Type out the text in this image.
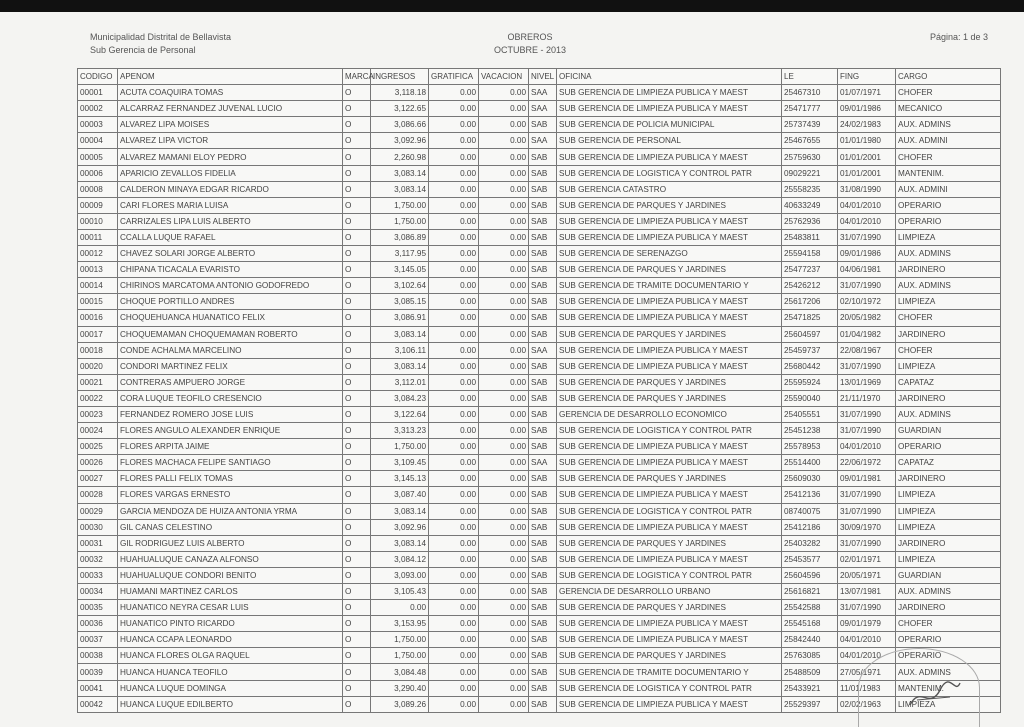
Municipalidad Distrital de Bellavista
Sub Gerencia de Personal
OBREROS
OCTUBRE - 2013
Página: 1 de 3
CODIGO	APENOM	MARCA	INGRESOS	GRATIFICA	VACACION	NIVEL	OFICINA	LE	FING	CARGO
00001	ACUTA COAQUIRA TOMAS	O	3,118.18	0.00	0.00	SAA	SUB GERENCIA DE LIMPIEZA PUBLICA Y MAEST	25467310	01/07/1971	CHOFER
00002	ALCARRAZ FERNANDEZ JUVENAL LUCIO	O	3,122.65	0.00	0.00	SAA	SUB GERENCIA DE LIMPIEZA PUBLICA Y MAEST	25471777	09/01/1986	MECANICO
00003	ALVAREZ LIPA MOISES	O	3,086.66	0.00	0.00	SAB	SUB GERENCIA DE POLICIA MUNICIPAL	25737439	24/02/1983	AUX. ADMINS
00004	ALVAREZ LIPA VICTOR	O	3,092.96	0.00	0.00	SAA	SUB GERENCIA DE PERSONAL	25467655	01/01/1980	AUX. ADMINI
00005	ALVAREZ MAMANI ELOY PEDRO	O	2,260.98	0.00	0.00	SAB	SUB GERENCIA DE LIMPIEZA PUBLICA Y MAEST	25759630	01/01/2001	CHOFER
00006	APARICIO ZEVALLOS FIDELIA	O	3,083.14	0.00	0.00	SAB	SUB GERENCIA DE LOGISTICA Y CONTROL PATR	09029221	01/01/2001	MANTENIM.
00008	CALDERON MINAYA EDGAR RICARDO	O	3,083.14	0.00	0.00	SAB	SUB GERENCIA CATASTRO	25558235	31/08/1990	AUX. ADMINI
00009	CARI FLORES MARIA LUISA	O	1,750.00	0.00	0.00	SAB	SUB GERENCIA DE PARQUES Y JARDINES	40633249	04/01/2010	OPERARIO
00010	CARRIZALES LIPA LUIS ALBERTO	O	1,750.00	0.00	0.00	SAB	SUB GERENCIA DE LIMPIEZA PUBLICA Y MAEST	25762936	04/01/2010	OPERARIO
00011	CCALLA LUQUE RAFAEL	O	3,086.89	0.00	0.00	SAB	SUB GERENCIA DE LIMPIEZA PUBLICA Y MAEST	25483811	31/07/1990	LIMPIEZA
00012	CHAVEZ SOLARI JORGE ALBERTO	O	3,117.95	0.00	0.00	SAB	SUB GERENCIA DE SERENAZGO	25594158	09/01/1986	AUX. ADMINS
00013	CHIPANA TICACALA EVARISTO	O	3,145.05	0.00	0.00	SAB	SUB GERENCIA DE PARQUES Y JARDINES	25477237	04/06/1981	JARDINERO
00014	CHIRINOS MARCATOMA ANTONIO GODOFREDO	O	3,102.64	0.00	0.00	SAB	SUB GERENCIA DE TRAMITE DOCUMENTARIO Y	25426212	31/07/1990	AUX. ADMINS
00015	CHOQUE PORTILLO ANDRES	O	3,085.15	0.00	0.00	SAB	SUB GERENCIA DE LIMPIEZA PUBLICA Y MAEST	25617206	02/10/1972	LIMPIEZA
00016	CHOQUEHUANCA HUANATICO FELIX	O	3,086.91	0.00	0.00	SAB	SUB GERENCIA DE LIMPIEZA PUBLICA Y MAEST	25471825	20/05/1982	CHOFER
00017	CHOQUEMAMAN CHOQUEMAMAN ROBERTO	O	3,083.14	0.00	0.00	SAB	SUB GERENCIA DE PARQUES Y JARDINES	25604597	01/04/1982	JARDINERO
00018	CONDE ACHALMA MARCELINO	O	3,106.11	0.00	0.00	SAA	SUB GERENCIA DE LIMPIEZA PUBLICA Y MAEST	25459737	22/08/1967	CHOFER
00020	CONDORI MARTINEZ FELIX	O	3,083.14	0.00	0.00	SAB	SUB GERENCIA DE LIMPIEZA PUBLICA Y MAEST	25680442	31/07/1990	LIMPIEZA
00021	CONTRERAS AMPUERO JORGE	O	3,112.01	0.00	0.00	SAB	SUB GERENCIA DE PARQUES Y JARDINES	25595924	13/01/1969	CAPATAZ
00022	CORA LUQUE TEOFILO CRESENCIO	O	3,084.23	0.00	0.00	SAB	SUB GERENCIA DE PARQUES Y JARDINES	25590040	21/11/1970	JARDINERO
00023	FERNANDEZ ROMERO JOSE LUIS	O	3,122.64	0.00	0.00	SAB	GERENCIA DE DESARROLLO ECONOMICO	25405551	31/07/1990	AUX. ADMINS
00024	FLORES ANGULO ALEXANDER ENRIQUE	O	3,313.23	0.00	0.00	SAB	SUB GERENCIA DE LOGISTICA Y CONTROL PATR	25451238	31/07/1990	GUARDIAN
00025	FLORES ARPITA JAIME	O	1,750.00	0.00	0.00	SAB	SUB GERENCIA DE LIMPIEZA PUBLICA Y MAEST	25578953	04/01/2010	OPERARIO
00026	FLORES MACHACA FELIPE SANTIAGO	O	3,109.45	0.00	0.00	SAA	SUB GERENCIA DE LIMPIEZA PUBLICA Y MAEST	25514400	22/06/1972	CAPATAZ
00027	FLORES PALLI FELIX TOMAS	O	3,145.13	0.00	0.00	SAB	SUB GERENCIA DE PARQUES Y JARDINES	25609030	09/01/1981	JARDINERO
00028	FLORES VARGAS ERNESTO	O	3,087.40	0.00	0.00	SAB	SUB GERENCIA DE LIMPIEZA PUBLICA Y MAEST	25412136	31/07/1990	LIMPIEZA
00029	GARCIA MENDOZA DE HUIZA ANTONIA YRMA	O	3,083.14	0.00	0.00	SAB	SUB GERENCIA DE LOGISTICA Y CONTROL PATR	08740075	31/07/1990	LIMPIEZA
00030	GIL CANAS CELESTINO	O	3,092.96	0.00	0.00	SAB	SUB GERENCIA DE LIMPIEZA PUBLICA Y MAEST	25412186	30/09/1970	LIMPIEZA
00031	GIL RODRIGUEZ LUIS ALBERTO	O	3,083.14	0.00	0.00	SAB	SUB GERENCIA DE PARQUES Y JARDINES	25403282	31/07/1990	JARDINERO
00032	HUAHUALUQUE CANAZA ALFONSO	O	3,084.12	0.00	0.00	SAB	SUB GERENCIA DE LIMPIEZA PUBLICA Y MAEST	25453577	02/01/1971	LIMPIEZA
00033	HUAHUALUQUE CONDORI BENITO	O	3,093.00	0.00	0.00	SAB	SUB GERENCIA DE LOGISTICA Y CONTROL PATR	25604596	20/05/1971	GUARDIAN
00034	HUAMANI MARTINEZ CARLOS	O	3,105.43	0.00	0.00	SAB	GERENCIA DE DESARROLLO URBANO	25616821	13/07/1981	AUX. ADMINS
00035	HUANATICO NEYRA CESAR LUIS	O	0.00	0.00	0.00	SAB	SUB GERENCIA DE PARQUES Y JARDINES	25542588	31/07/1990	JARDINERO
00036	HUANATICO PINTO RICARDO	O	3,153.95	0.00	0.00	SAB	SUB GERENCIA DE LIMPIEZA PUBLICA Y MAEST	25545168	09/01/1979	CHOFER
00037	HUANCA CCAPA LEONARDO	O	1,750.00	0.00	0.00	SAB	SUB GERENCIA DE LIMPIEZA PUBLICA Y MAEST	25842440	04/01/2010	OPERARIO
00038	HUANCA FLORES OLGA RAQUEL	O	1,750.00	0.00	0.00	SAB	SUB GERENCIA DE PARQUES Y JARDINES	25763085	04/01/2010	OPERARIO
00039	HUANCA HUANCA TEOFILO	O	3,084.48	0.00	0.00	SAB	SUB GERENCIA DE TRAMITE DOCUMENTARIO Y	25488509	27/05/1971	AUX. ADMINS
00041	HUANCA LUQUE DOMINGA	O	3,290.40	0.00	0.00	SAB	SUB GERENCIA DE LOGISTICA Y CONTROL PATR	25433921	11/01/1983	MANTENIM.
00042	HUANCA LUQUE EDILBERTO	O	3,089.26	0.00	0.00	SAB	SUB GERENCIA DE LIMPIEZA PUBLICA Y MAEST	25529397	02/02/1963	LIMPIEZA
